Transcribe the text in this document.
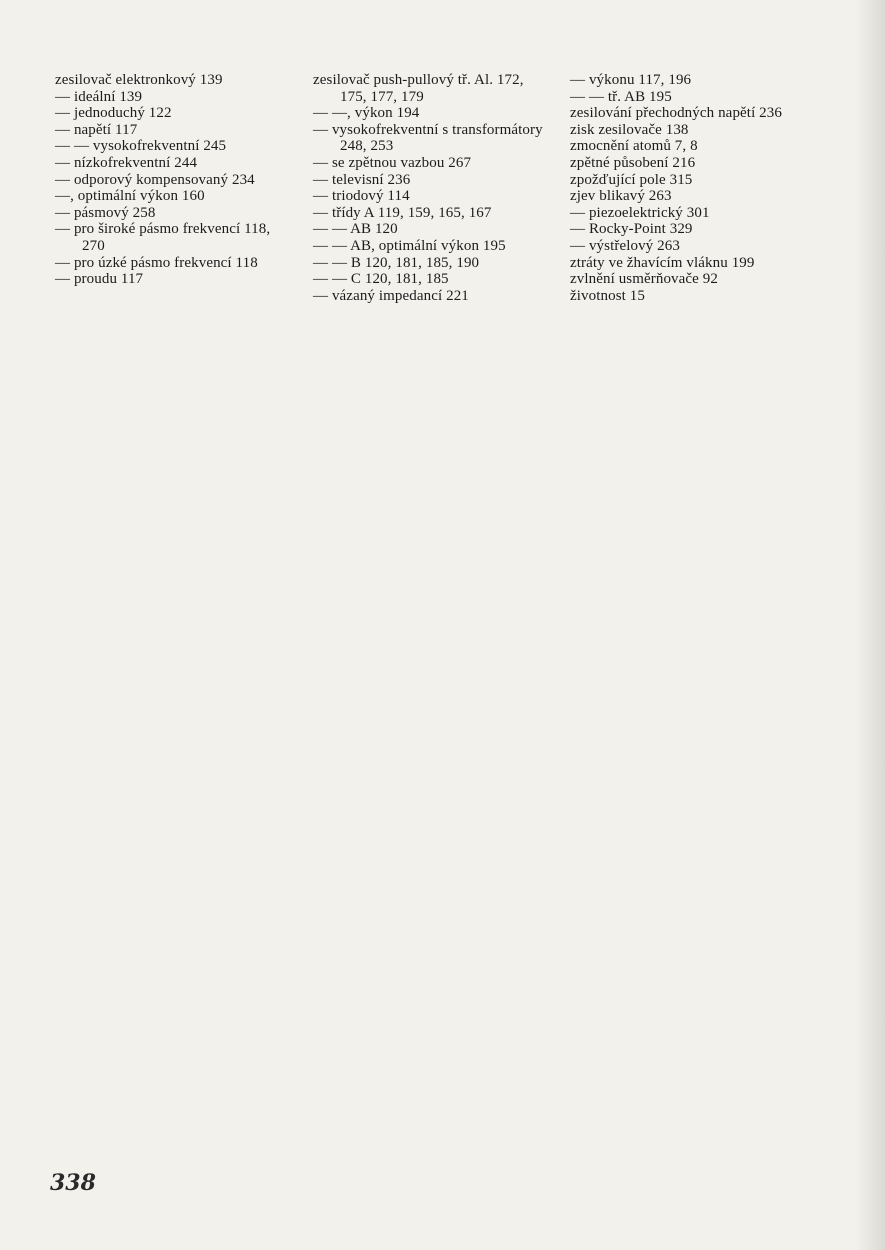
zesilovač elektronkový 139
— ideální 139
— jednoduchý 122
— napětí 117
— — vysokofrekventní 245
— nízkofrekventní 244
— odporový kompensovaný 234
—, optimální výkon 160
— pásmový 258
— pro široké pásmo frekvencí 118, 270
— pro úzké pásmo frekvencí 118
— proudu 117
zesilovač push-pullový tř. Al. 172, 175, 177, 179
— —, výkon 194
— vysokofrekventní s transformátory 248, 253
— se zpětnou vazbou 267
— televisní 236
— triodový 114
— třídy A 119, 159, 165, 167
— — AB 120
— — AB, optimální výkon 195
— — B 120, 181, 185, 190
— — C 120, 181, 185
— vázaný impedancí 221
— výkonu 117, 196
— — tř. AB 195
zesilování přechodných napětí 236
zisk zesilovače 138
zmocnění atomů 7, 8
zpětné působení 216
zpožďující pole 315
zjev blikavý 263
— piezoelektrický 301
— Rocky-Point 329
— výstřelový 263
ztráty ve žhavícím vláknu 199
zvlnění usměrňovače 92
životnost 15
338
